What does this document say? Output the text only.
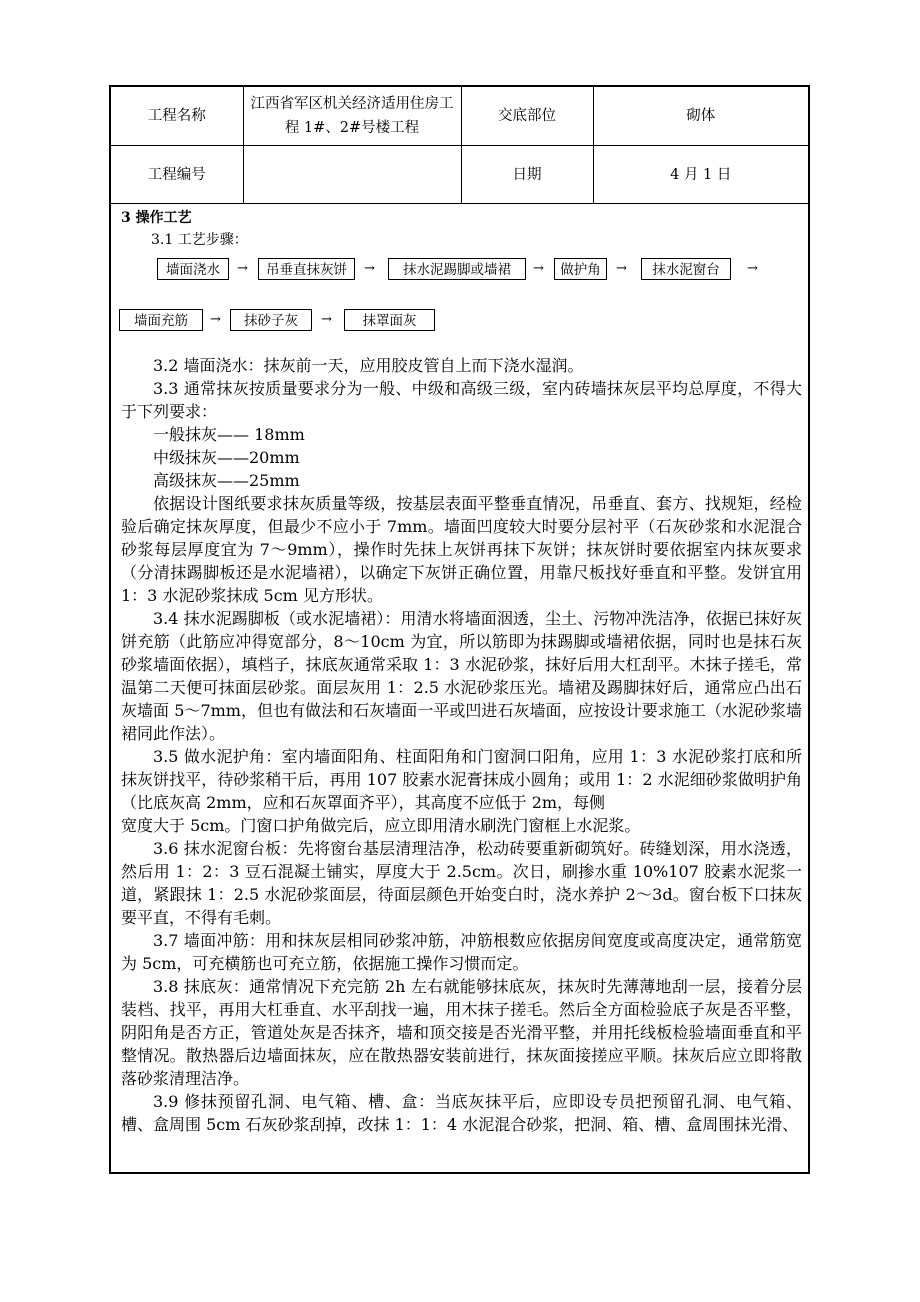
工程名称	江西省军区机关经济适用住房工程 1#、2#号楼工程	交底部位	砌体
工程编号		日期	4 月 1 日
3 操作工艺
3.1 工艺步骤：
墙面浇水	→	吊垂直抹灰饼	→	抹水泥踢脚或墙裙	→	做护角	→	抹水泥窗台	→
墙面充筋	→	抹砂子灰	→	抹罩面灰

3.2 墙面浇水：抹灰前一天，应用胶皮管自上而下浇水湿润。

3.3 通常抹灰按质量要求分为一般、中级和高级三级，室内砖墙抹灰层平均总厚度，不得大于下列要求：

一般抹灰—— 18mm

中级抹灰——20mm

高级抹灰——25mm

依据设计图纸要求抹灰质量等级，按基层表面平整垂直情况，吊垂直、套方、找规矩，经检验后确定抹灰厚度，但最少不应小于 7mm。墙面凹度较大时要分层衬平（石灰砂浆和水泥混合砂浆每层厚度宜为 7～9mm），操作时先抹上灰饼再抹下灰饼；抹灰饼时要依据室内抹灰要求（分清抹踢脚板还是水泥墙裙），以确定下灰饼正确位置，用靠尺板找好垂直和平整。发饼宜用 1：3 水泥砂浆抹成 5cm 见方形状。

3.4 抹水泥踢脚板（或水泥墙裙）：用清水将墙面洇透，尘土、污物冲洗洁净，依据已抹好灰饼充筋（此筋应冲得宽部分，8～10cm 为宜，所以筋即为抹踢脚或墙裙依据，同时也是抹石灰砂浆墙面依据），填档子，抹底灰通常采取 1：3 水泥砂浆，抹好后用大杠刮平。木抹子搓毛，常温第二天便可抹面层砂浆。面层灰用 1：2.5 水泥砂浆压光。墙裙及踢脚抹好后，通常应凸出石灰墙面 5～7mm，但也有做法和石灰墙面一平或凹进石灰墙面，应按设计要求施工（水泥砂浆墙裙同此作法）。

3.5 做水泥护角：室内墙面阳角、柱面阳角和门窗洞口阳角，应用 1：3 水泥砂浆打底和所抹灰饼找平，待砂浆稍干后，再用 107 胶素水泥膏抹成小圆角；或用 1：2 水泥细砂浆做明护角（比底灰高 2mm，应和石灰罩面齐平），其高度不应低于 2m，每侧

宽度大于 5cm。门窗口护角做完后，应立即用清水刷洗门窗框上水泥浆。

3.6 抹水泥窗台板：先将窗台基层清理洁净，松动砖要重新砌筑好。砖缝划深，用水浇透，然后用 1：2：3 豆石混凝土铺实，厚度大于 2.5cm。次日，刷掺水重 10%107 胶素水泥浆一道，紧跟抹 1：2.5 水泥砂浆面层，待面层颜色开始变白时，浇水养护 2～3d。窗台板下口抹灰要平直，不得有毛刺。

3.7 墙面冲筋：用和抹灰层相同砂浆冲筋，冲筋根数应依据房间宽度或高度决定，通常筋宽为 5cm，可充横筋也可充立筋，依据施工操作习惯而定。

3.8 抹底灰：通常情况下充完筋 2h 左右就能够抹底灰，抹灰时先薄薄地刮一层，接着分层装档、找平，再用大杠垂直、水平刮找一遍，用木抹子搓毛。然后全方面检验底子灰是否平整，阴阳角是否方正，管道处灰是否抹齐，墙和顶交接是否光滑平整，并用托线板检验墙面垂直和平整情况。散热器后边墙面抹灰，应在散热器安装前进行，抹灰面接搓应平顺。抹灰后应立即将散落砂浆清理洁净。

3.9 修抹预留孔洞、电气箱、槽、盒：当底灰抹平后，应即设专员把预留孔洞、电气箱、槽、盒周围 5cm 石灰砂浆刮掉，改抹 1：1：4 水泥混合砂浆，把洞、箱、槽、盒周围抹光滑、
